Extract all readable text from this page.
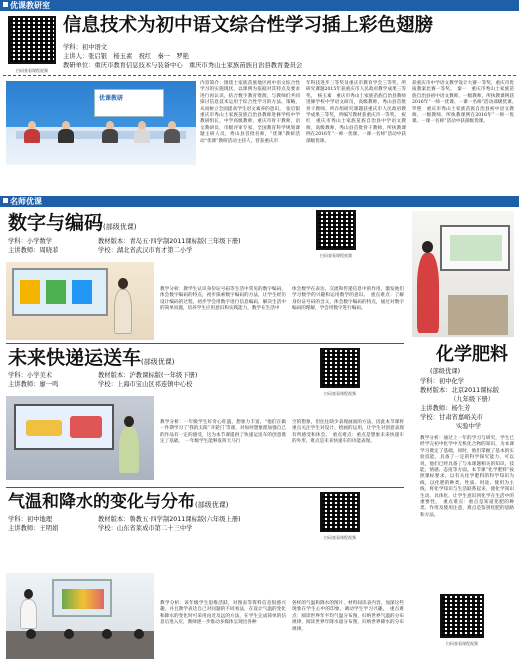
优课教研室
扫码查看课程视频
信息技术为初中语文综合性学习插上彩色翅膀
学科：初中语文
主讲人：张启银　杨玉素　祝红　秦一　罗艳
教研单位：重庆市教育信息技术与装备中心　重庆市秀山土家族苗族自治县教育委员会
优课教研
内容简介：围绕土家族苗族地区初中语文综合性学习的实施现状，以课例为依据对其特点及要求进行再认识，结合数字教育资源，与教师们共同探讨信息技术运用于综合性学习的方法、策略，从而树立全面提高学生语文素养的意识。　张启银　重庆市秀山土家族苗族自治县教师进修学校中学教研组长，中学高级教师，重庆市骨干教师，语文教研员，市级评审专家，全国教育科学规划课题主研人员，秀山县首批名师，“优课”教研活动“优课”教研活动主持人，曾获重庆市
年科技进步三等奖及重庆市教育学会三等奖，所研究课题2015年获重庆市人民政府教学成果三等奖。　杨玉素　重庆市秀山土家族苗族自治县教师进修学校中学语文研员，高级教师，秀山县首批骨干教师，所在组研究课题获重庆市人民政府教学成果三等奖，所编写教材获重庆市一等奖。　祝红　重庆市秀山土家族苗族自治县中学语文教师，高级教师，秀山县首批骨干教师，所执教课例在2016年“一师一优课、一课一名师”活动中获部级优课。
获重庆市中学语文教学设计大赛一等奖，重庆市优质教案比赛一等奖。　秦一　重庆市秀山土家族苗族自治县初中语文教师，一级教师，所执教课例获2016年“一师一优课、一课一名师”活动部级优课。　罗艳　重庆市秀山土家族苗族自治县初中语文教师，一级教师，所执教课例在2016年“一师一优课、一课一名师”活动中获部级优课。
名师优课
数字与编码(部级优课)
学科：小学数学
主讲教师：周晓菲
教材版本：青岛五·四学制2011课标版(三年级下册)
学校：湖北省武汉市育才第二小学
扫码查看课程视频
教学分析：教学生认识身份证号码等生活中常见的数字编码，体会数字编码的特点，初步探索数字编码的方法，让学生经历设计编码的过程，初步学会用数字进行信息编码，解决生活中的简单问题，培养学生应用意识和实践能力，数学在生活中
体会数学在表达、交流和传递信息中的作用，激发他们学习数学的兴趣和运用数学的意识。　重点难点：了解身份证号码的含义，体会数字编码的特点，通过对数字编码的理解，学会用数字进行编码。
未来快递运送车(部级优课)
学科：小学美术
主讲教师：廖一鸣
教材版本：沪教课标版(一年级下册)
学校：上海市宝山区祁连镇中心校
扫码查看课程视频
教学分析：一年级学生好奇心旺盛，想象力丰富，“他们在做一件期学习了‘我的太阳’‘开轮门’等课，对如何想象派加强自己的作品有一定的感受，这为本节课提供了快递运送车的创意奠定了基础。　一年级学生能够发挥天马行
空的想象，但往往缺少表现画面的方法，因此本节课将重点关注学生对设计、绘画的运用，让学生对创意表现有所感受和体会。　重点难点：重点是想象未来快递车的外形，难点是未来快递车的功能表现。
气温和降水的变化与分布(部级优课)
学科：初中地理
主讲教师：王明娟
教材版本：鲁教五·四学制2011课标版(六年级上册)
学校：山东省莱成市第二十三中学
扫码查看课程视频
教学分析：该年级学生思维活跃，对图表等资料信息很感兴趣，并且教学表达自己对问题的不同看法，在设计气温的变化和降水的变化时可采用由近及远的方法，在学生完成简单的信息后进入应，教师逐一步推动多媒体呈现出各种
各样的气温和降水的图片，材料间读表内容，加深这些现象在学生心中的印象，调动学生学习兴趣。　重点难点：阅读世界年平均气温分布图，归纳世界气温的分布规律，阅读世界年降水量分布图，归纳世界降水的分布规律。
化学肥料
(部级优课)
学科：初中化学
教材版本：北京2011课标版
（九年级下册）
主讲教师：杨生芳
学校：甘肃省嘉峪关市
实验中学
教学分析：通过上一年的学习与研究，学生已经学完初中化学中无机化合物的知识，为本课学习奠定了基础，同时，他们掌握了基本的实验技能，具备了一定的科学探究能力，可以说，他们已经具备了与本课题相关的知识、技能、情感、态度等方面。本节课“化学肥料”按照课标要求，以有关化学肥料的科学知识为线，以化肥的种类、性质、用途、使用为主线，将化学知识与生活联系起来，使化学知识生动、具体化，让学生意识到化学在生活中的重要性。　重点难点：重点是知道化肥的种类、作用及使用注意，难点是鉴别化肥的思路和方法。
扫码查看课程视频
